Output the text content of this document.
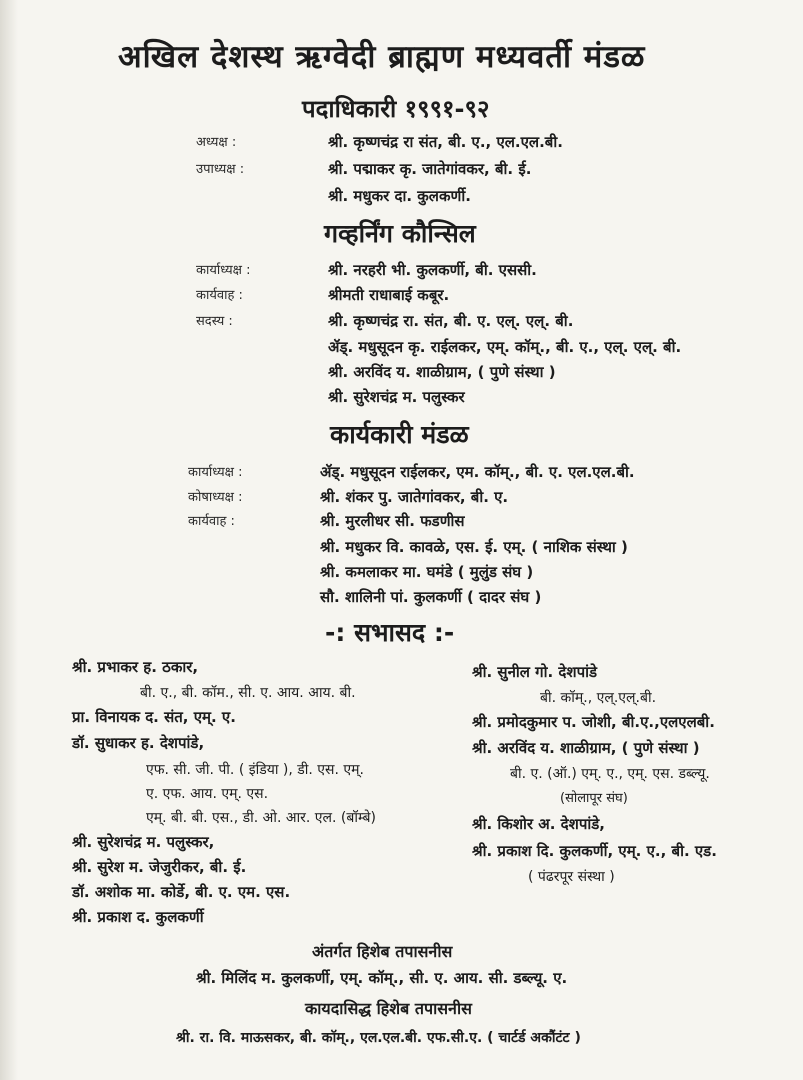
अखिल देशस्थ ऋग्वेदी ब्राह्मण मध्यवर्ती मंडळ
पदाधिकारी १९९१-९२
अध्यक्ष :	श्री. कृष्णचंद्र रा संत, बी. ए., एल.एल.बी.
उपाध्यक्ष :	श्री. पद्माकर कृ. जातेगांवकर, बी. ई.
श्री. मधुकर दा. कुलकर्णी.
गव्हर्निंग कौन्सिल
कार्याध्यक्ष :	श्री. नरहरी भी. कुलकर्णी, बी. एससी.
कार्यवाह :	श्रीमती राधाबाई कबूर.
सदस्य :	श्री. कृष्णचंद्र रा. संत, बी. ए. एल्. एल्. बी.
ॲड्. मधुसूदन कृ. राईलकर, एम्. कॉम्., बी. ए., एल्. एल्. बी.
श्री. अरविंद य. शाळीग्राम, ( पुणे संस्था )
श्री. सुरेशचंद्र म. पलुस्कर
कार्यकारी मंडळ
कार्याध्यक्ष :	ॲड्. मधुसूदन राईलकर, एम. कॉम्., बी. ए. एल.एल.बी.
कोषाध्यक्ष :	श्री. शंकर पु. जातेगांवकर, बी. ए.
कार्यवाह :	श्री. मुरलीधर सी. फडणीस
श्री. मधुकर वि. कावळे, एस. ई. एम्. ( नाशिक संस्था )
श्री. कमलाकर मा. घमंडे ( मुलुंड संघ )
सौ. शालिनी पां. कुलकर्णी ( दादर संघ )
-: सभासद :-
श्री. प्रभाकर ह. ठकार,
बी. ए., बी. कॉम., सी. ए. आय. आय. बी.
प्रा. विनायक द. संत, एम्. ए.
डॉ. सुधाकर ह. देशपांडे,
एफ. सी. जी. पी. ( इंडिया ), डी. एस. एम्.
ए. एफ. आय. एम्. एस.
एम्. बी. बी. एस., डी. ओ. आर. एल. (बॉम्बे)
श्री. सुरेशचंद्र म. पलुस्कर,
श्री. सुरेश म. जेजुरीकर, बी. ई.
डॉ. अशोक मा. कोर्डे, बी. ए. एम. एस.
श्री. प्रकाश द. कुलकर्णी
श्री. सुनील गो. देशपांडे
बी. कॉम्., एल्.एल्.बी.
श्री. प्रमोदकुमार प. जोशी, बी.ए.,एलएलबी.
श्री. अरविंद य. शाळीग्राम, ( पुणे संस्था )
बी. ए. (ऑ.) एम्. ए., एम्. एस. डब्ल्यू.
(सोलापूर संघ)
श्री. किशोर अ. देशपांडे,
श्री. प्रकाश दि. कुलकर्णी, एम्. ए., बी. एड.
( पंढरपूर संस्था )
अंतर्गत हिशेब तपासनीस
श्री. मिलिंद म. कुलकर्णी, एम्. कॉम्., सी. ए. आय. सी. डब्ल्यू. ए.
कायदासिद्ध हिशेब तपासनीस
श्री. रा. वि. माऊसकर, बी. कॉम्., एल.एल.बी. एफ.सी.ए. ( चार्टर्ड अकौंटंट )
